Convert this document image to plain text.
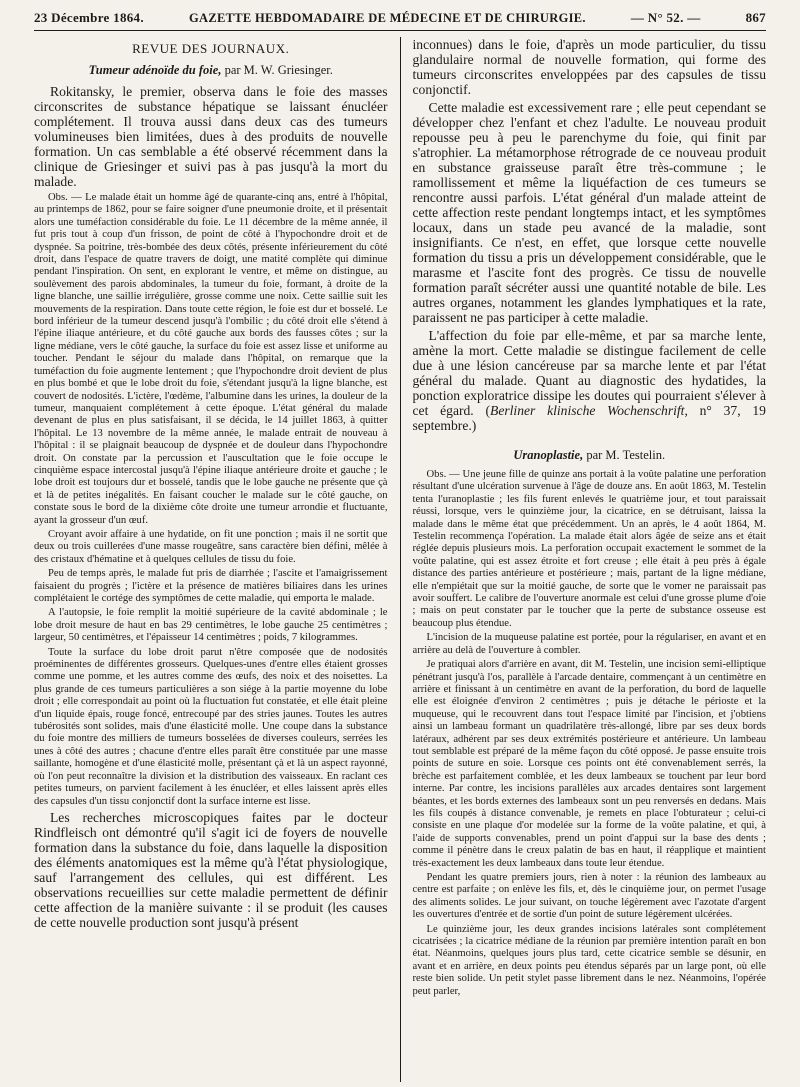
23 Décembre 1864.	GAZETTE HEBDOMADAIRE DE MÉDECINE ET DE CHIRURGIE.	— N° 52. —	867
REVUE DES JOURNAUX.
Tumeur adénoïde du foie, par M. W. Griesinger.

Rokitansky, le premier, observa dans le foie des masses circonscrites de substance hépatique se laissant énucléer complétement. Il trouva aussi dans deux cas des tumeurs volumineuses bien limitées, dues à des produits de nouvelle formation. Un cas semblable a été observé récemment dans la clinique de Griesinger et suivi pas à pas jusqu'à la mort du malade.

Obs. — Le malade était un homme âgé de quarante-cinq ans, entré à l'hôpital, au printemps de 1862, pour se faire soigner d'une pneumonie droite, et il présentait alors une tuméfaction considérable du foie. Le 11 décembre de la même année, il fut pris tout à coup d'un frisson, de point de côté à l'hypochondre droit et de dyspnée. Sa poitrine, très-bombée des deux côtés, présente inférieurement du côté droit, dans l'espace de quatre travers de doigt, une matité complète qui diminue pendant l'inspiration. On sent, en explorant le ventre, et même on distingue, au soulèvement des parois abdominales, la tumeur du foie, formant, à droite de la ligne blanche, une saillie irrégulière, grosse comme une noix. Cette saillie suit les mouvements de la respiration. Dans toute cette région, le foie est dur et bosselé. Le bord inférieur de la tumeur descend jusqu'à l'ombilic ; du côté droit elle s'étend à l'épine iliaque antérieure, et du côté gauche aux bords des fausses côtes ; sur la ligne médiane, vers le côté gauche, la surface du foie est assez lisse et uniforme au toucher. Pendant le séjour du malade dans l'hôpital, on remarque que la tuméfaction du foie augmente lentement ; que l'hypochondre droit devient de plus en plus bombé et que le lobe droit du foie, s'étendant jusqu'à la ligne blanche, est couvert de nodosités. L'ictère, l'œdème, l'albumine dans les urines, la douleur de la tumeur, manquaient complétement à cette époque. L'état général du malade devenant de plus en plus satisfaisant, il se décida, le 14 juillet 1863, à quitter l'hôpital. Le 13 novembre de la même année, le malade entrait de nouveau à l'hôpital : il se plaignait beaucoup de dyspnée et de douleur dans l'hypochondre droit. On constate par la percussion et l'auscultation que le foie occupe le cinquième espace intercostal jusqu'à l'épine iliaque antérieure droite et gauche ; le lobe droit est toujours dur et bosselé, tandis que le lobe gauche ne présente que çà et là de petites inégalités. En faisant coucher le malade sur le côté gauche, on constate sous le bord de la dixième côte droite une tumeur arrondie et fluctuante, ayant la grosseur d'un œuf.

Croyant avoir affaire à une hydatide, on fit une ponction ; mais il ne sortit que deux ou trois cuillerées d'une masse rougeâtre, sans caractère bien défini, mêlée à des cristaux d'hématine et à quelques cellules de tissu du foie.

Peu de temps après, le malade fut pris de diarrhée ; l'ascite et l'amaigrissement faisaient du progrès ; l'ictère et la présence de matières biliaires dans les urines complétaient le cortége des symptômes de cette maladie, qui emporta le malade.

A l'autopsie, le foie remplit la moitié supérieure de la cavité abdominale ; le lobe droit mesure de haut en bas 29 centimètres, le lobe gauche 25 centimètres ; largeur, 50 centimètres, et l'épaisseur 14 centimètres ; poids, 7 kilogrammes.

Toute la surface du lobe droit parut n'être composée que de nodosités proéminentes de différentes grosseurs. Quelques-unes d'entre elles étaient grosses comme une pomme, et les autres comme des œufs, des noix et des noisettes. La plus grande de ces tumeurs particulières a son siége à la partie moyenne du lobe droit ; elle correspondait au point où la fluctuation fut constatée, et elle était pleine d'un liquide épais, rouge foncé, entrecoupé par des stries jaunes. Toutes les autres tubérosités sont solides, mais d'une élasticité molle. Une coupe dans la substance du foie montre des milliers de tumeurs bosselées de diverses couleurs, serrées les unes à côté des autres ; chacune d'entre elles paraît être constituée par une masse saillante, homogène et d'une élasticité molle, présentant çà et là un aspect rayonné, où l'on peut reconnaître la division et la distribution des vaisseaux. En raclant ces petites tumeurs, on parvient facilement à les énucléer, et elles laissent après elles des capsules d'un tissu conjonctif dont la surface interne est lisse.

Les recherches microscopiques faites par le docteur Rindfleisch ont démontré qu'il s'agit ici de foyers de nouvelle formation dans la substance du foie, dans laquelle la disposition des éléments anatomiques est la même qu'à l'état physiologique, sauf l'arrangement des cellules, qui est différent. Les observations recueillies sur cette maladie permettent de définir cette affection de la manière suivante : il se produit (les causes de cette nouvelle production sont jusqu'à présent

inconnues) dans le foie, d'après un mode particulier, du tissu glandulaire normal de nouvelle formation, qui forme des tumeurs circonscrites enveloppées par des capsules de tissu conjonctif.

Cette maladie est excessivement rare ; elle peut cependant se développer chez l'enfant et chez l'adulte. Le nouveau produit repousse peu à peu le parenchyme du foie, qui finit par s'atrophier. La métamorphose rétrograde de ce nouveau produit en substance graisseuse paraît être très-commune ; le ramollissement et même la liquéfaction de ces tumeurs se rencontre aussi parfois. L'état général d'un malade atteint de cette affection reste pendant longtemps intact, et les symptômes locaux, dans un stade peu avancé de la maladie, sont insignifiants. Ce n'est, en effet, que lorsque cette nouvelle formation du tissu a pris un développement considérable, que le marasme et l'ascite font des progrès. Ce tissu de nouvelle formation paraît sécréter aussi une quantité notable de bile. Les autres organes, notamment les glandes lymphatiques et la rate, paraissent ne pas participer à cette maladie.

L'affection du foie par elle-même, et par sa marche lente, amène la mort. Cette maladie se distingue facilement de celle due à une lésion cancéreuse par sa marche lente et par l'état général du malade. Quant au diagnostic des hydatides, la ponction exploratrice dissipe les doutes qui pourraient s'élever à cet égard. (Berliner klinische Wochenschrift, n° 37, 19 septembre.)

Uranoplastie, par M. Testelin.

Obs. — Une jeune fille de quinze ans portait à la voûte palatine une perforation résultant d'une ulcération survenue à l'âge de douze ans. En août 1863, M. Testelin tenta l'uranoplastie ; les fils furent enlevés le quatrième jour, et tout paraissait réussi, lorsque, vers le quinzième jour, la cicatrice, en se détruisant, laissa la malade dans le même état que précédemment. Un an après, le 4 août 1864, M. Testelin recommença l'opération. La malade était alors âgée de seize ans et était réglée depuis plusieurs mois. La perforation occupait exactement le sommet de la voûte palatine, qui est assez étroite et fort creuse ; elle était à peu près à égale distance des parties antérieure et postérieure ; mais, partant de la ligne médiane, elle n'empiétait que sur la moitié gauche, de sorte que le vomer ne paraissait pas avoir souffert. Le calibre de l'ouverture anormale est celui d'une grosse plume d'oie ; mais on peut constater par le toucher que la perte de substance osseuse est beaucoup plus étendue.

L'incision de la muqueuse palatine est portée, pour la régulariser, en avant et en arrière au delà de l'ouverture à combler.

Je pratiquai alors d'arrière en avant, dit M. Testelin, une incision semi-elliptique pénétrant jusqu'à l'os, parallèle à l'arcade dentaire, commençant à un centimètre en arrière et finissant à un centimètre en avant de la perforation, du bord de laquelle elle est éloignée d'environ 2 centimètres ; puis je détache le périoste et la muqueuse, qui le recouvrent dans tout l'espace limité par l'incision, et j'obtiens ainsi un lambeau formant un quadrilatère très-allongé, libre par ses deux bords latéraux, adhérent par ses deux extrémités postérieure et antérieure. Un lambeau tout semblable est préparé de la même façon du côté opposé. Je passe ensuite trois points de suture en soie. Lorsque ces points ont été convenablement serrés, la brèche est parfaitement comblée, et les deux lambeaux se touchent par leur bord interne. Par contre, les incisions parallèles aux arcades dentaires sont largement béantes, et les bords externes des lambeaux sont un peu renversés en dedans. Mais les fils coupés à distance convenable, je remets en place l'obturateur ; celui-ci consiste en une plaque d'or modelée sur la forme de la voûte palatine, et qui, à l'aide de supports convenables, prend un point d'appui sur la base des dents ; comme il pénètre dans le creux palatin de bas en haut, il réapplique et maintient très-exactement les deux lambeaux dans toute leur étendue.

Pendant les quatre premiers jours, rien à noter : la réunion des lambeaux au centre est parfaite ; on enlève les fils, et, dès le cinquième jour, on permet l'usage des aliments solides. Le jour suivant, on touche légèrement avec l'azotate d'argent les ouvertures d'entrée et de sortie d'un point de suture légèrement ulcérées.

Le quinzième jour, les deux grandes incisions latérales sont complétement cicatrisées ; la cicatrice médiane de la réunion par première intention paraît en bon état. Néanmoins, quelques jours plus tard, cette cicatrice semble se désunir, en avant et en arrière, en deux points peu étendus séparés par un large pont, où elle reste bien solide. Un petit stylet passe librement dans le nez. Néanmoins, l'opérée peut parler,
